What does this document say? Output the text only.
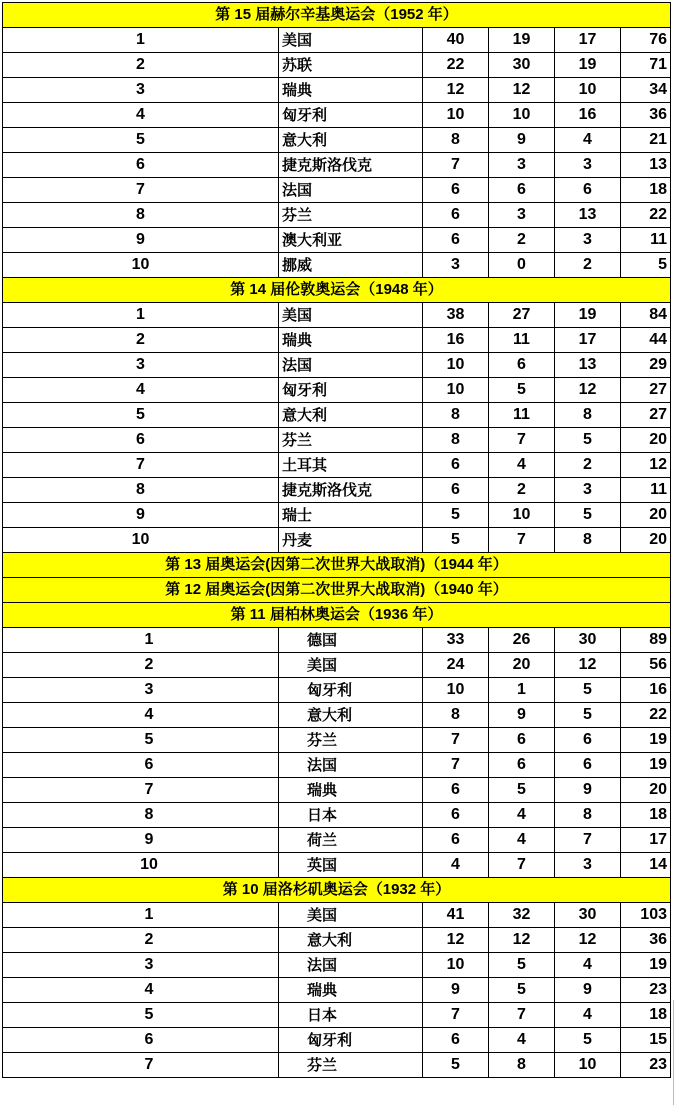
第 15 届赫尔辛基奥运会（1952 年）					
1	美国	40	19	17	76
2	苏联	22	30	19	71
3	瑞典	12	12	10	34
4	匈牙利	10	10	16	36
5	意大利	8	9	4	21
6	捷克斯洛伐克	7	3	3	13
7	法国	6	6	6	18
8	芬兰	6	3	13	22
9	澳大利亚	6	2	3	11
10	挪威	3	0	2	5
第 14 届伦敦奥运会（1948 年）					
1	美国	38	27	19	84
2	瑞典	16	11	17	44
3	法国	10	6	13	29
4	匈牙利	10	5	12	27
5	意大利	8	11	8	27
6	芬兰	8	7	5	20
7	土耳其	6	4	2	12
8	捷克斯洛伐克	6	2	3	11
9	瑞士	5	10	5	20
10	丹麦	5	7	8	20
第 13 届奥运会(因第二次世界大战取消)（1944 年）					
第 12 届奥运会(因第二次世界大战取消)（1940 年）					
第 11 届柏林奥运会（1936 年）					
1	德国	33	26	30	89
2	美国	24	20	12	56
3	匈牙利	10	1	5	16
4	意大利	8	9	5	22
5	芬兰	7	6	6	19
6	法国	7	6	6	19
7	瑞典	6	5	9	20
8	日本	6	4	8	18
9	荷兰	6	4	7	17
10	英国	4	7	3	14
第 10 届洛杉矶奥运会（1932 年）					
1	美国	41	32	30	103
2	意大利	12	12	12	36
3	法国	10	5	4	19
4	瑞典	9	5	9	23
5	日本	7	7	4	18
6	匈牙利	6	4	5	15
7	芬兰	5	8	10	23
